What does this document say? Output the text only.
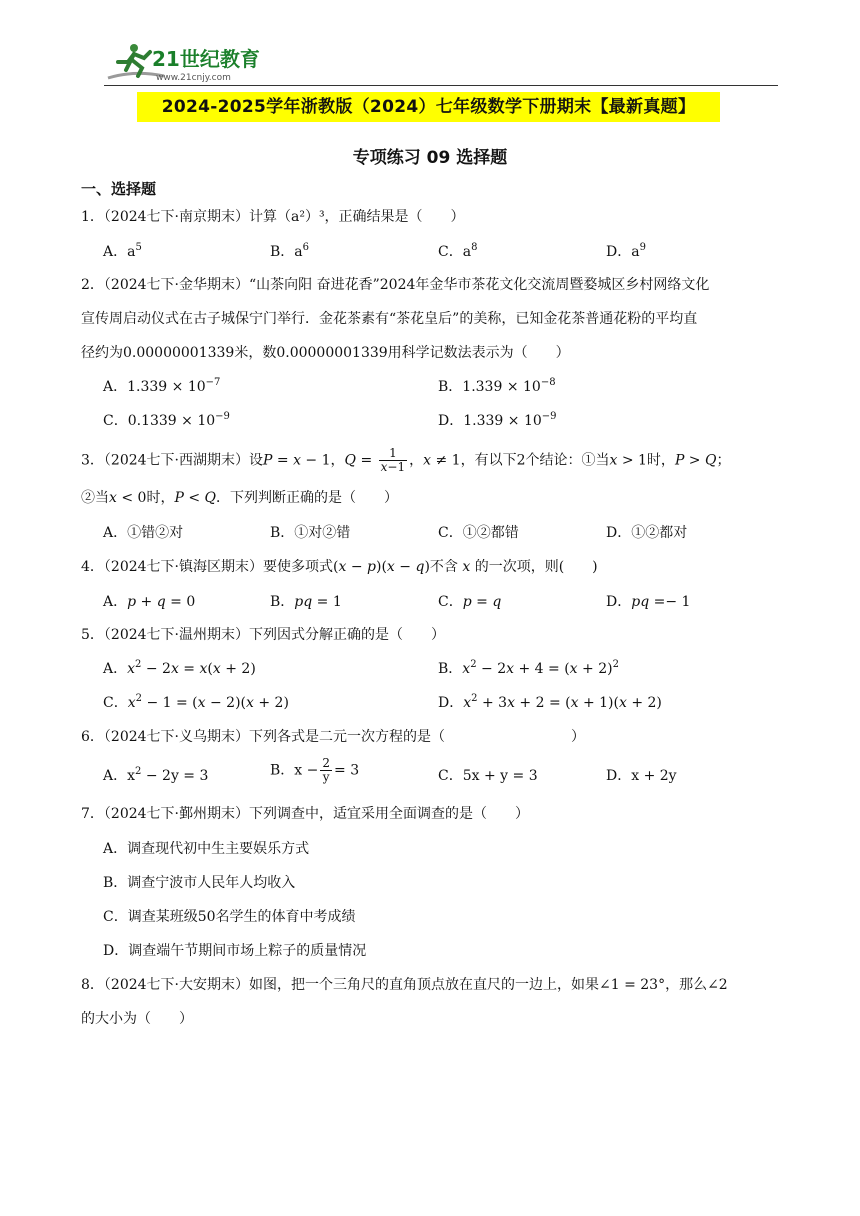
21世纪教育
www.21cnjy.com
2024-2025学年浙教版（2024）七年级数学下册期末【最新真题】
专项练习 09 选择题
一、选择题
1．（2024七下·南京期末）计算（a²）³，正确结果是（　　）
A．$a^5$	B．$a^6$	C．$a^8$	D．$a^9$
2．（2024七下·金华期末）“山茶向阳 奋进花香”2024年金华市茶花文化交流周暨婺城区乡村网络文化
宣传周启动仪式在古子城保宁门举行．金花茶素有“茶花皇后”的美称，已知金花茶普通花粉的平均直
径约为0.00000001339米，数0.00000001339用科学记数法表示为（　　）
A．$1.339 \times 10^{-7}$	B．$1.339 \times 10^{-8}$
C．$0.1339 \times 10^{-9}$	D．$1.339 \times 10^{-9}$
3．（2024七下·西湖期末）设P = x − 1，$Q = \frac{1}{x-1}$ ，x ≠ 1，有以下2个结论：①当x > 1时，P > Q；
②当x < 0时，P < Q．下列判断正确的是（　　）
A．①错②对	B．①对②错	C．①②都错	D．①②都对
4．（2024七下·镇海区期末）要使多项式(x − p)(x − q)不含 x 的一次项，则(　　)
A．p + q = 0	B．pq = 1	C．p = q	D．pq =− 1
5．（2024七下·温州期末）下列因式分解正确的是（　　）
A．$x^2 - 2x = x(x + 2)$	B．$x^2 - 2x + 4 = (x + 2)^2$
C．$x^2 - 1 = (x - 2)(x + 2)$	D．$x^2 + 3x + 2 = (x + 1)(x + 2)$
6．（2024七下·义乌期末）下列各式是二元一次方程的是（　　　　　　　　　）
A．$x^2 - 2y = 3$	B．$x - \frac{2}{y} = 3$	C．5x + y = 3	D．x + 2y
7．（2024七下·鄞州期末）下列调查中，适宜采用全面调查的是（　　）
A．调查现代初中生主要娱乐方式
B．调查宁波市人民年人均收入
C．调查某班级50名学生的体育中考成绩
D．调查端午节期间市场上粽子的质量情况
8．（2024七下·大安期末）如图，把一个三角尺的直角顶点放在直尺的一边上，如果∠1 = 23°，那么∠2
的大小为（　　）
